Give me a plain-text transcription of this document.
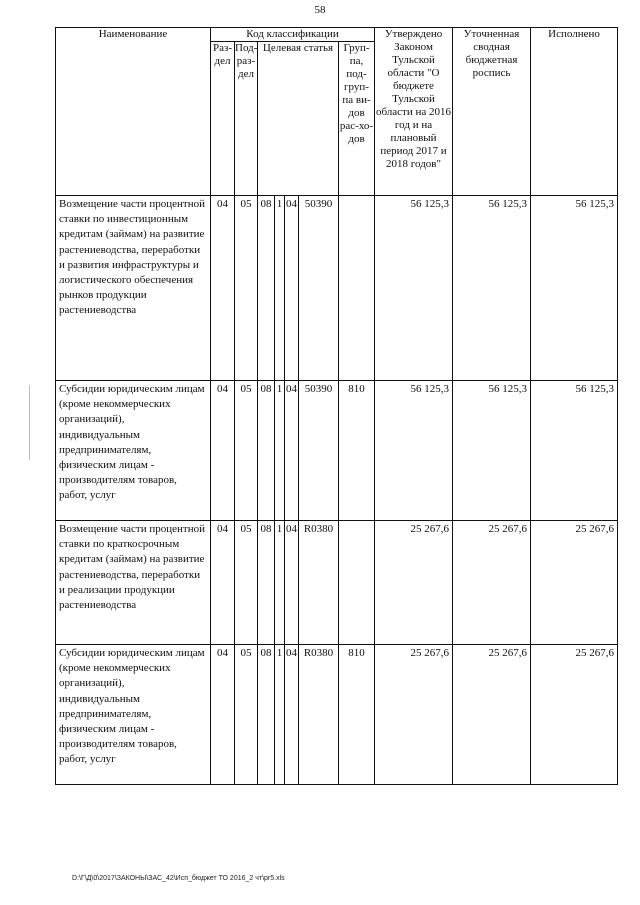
58
Наименование	Код классификации							Утверждено Законом Тульской области "О бюджете Тульской области на 2016 год и на плановый период 2017 и 2018 годов"	Уточненная сводная бюджетная роспись	Исполнено
	Раз-дел	Под-раз-дел	Целевая статья				Груп-па, под-груп-па ви-дов рас-хо-дов			
Возмещение части процентной ставки по инвестиционным кредитам (займам) на развитие растениеводства, переработки и развития инфраструктуры и логистического обеспечения рынков продукции растениеводства	04	05	08	1	04	50390		56 125,3	56 125,3	56 125,3
Субсидии юридическим лицам (кроме некоммерческих организаций), индивидуальным предпринимателям, физическим лицам - производителям товаров, работ, услуг	04	05	08	1	04	50390	810	56 125,3	56 125,3	56 125,3
Возмещение части процентной ставки по краткосрочным кредитам (займам) на развитие растениеводства, переработки и реализации продукции растениеводства	04	05	08	1	04	R0380		25 267,6	25 267,6	25 267,6
Субсидии юридическим лицам (кроме некоммерческих организаций), индивидуальным предпринимателям, физическим лицам - производителям товаров, работ, услуг	04	05	08	1	04	R0380	810	25 267,6	25 267,6	25 267,6
D:\Г\Д\0\2017\ЗАКОНЫ\ЗАС_42\Исп_бюджет ТО 2016_2 чт\pr5.xls
